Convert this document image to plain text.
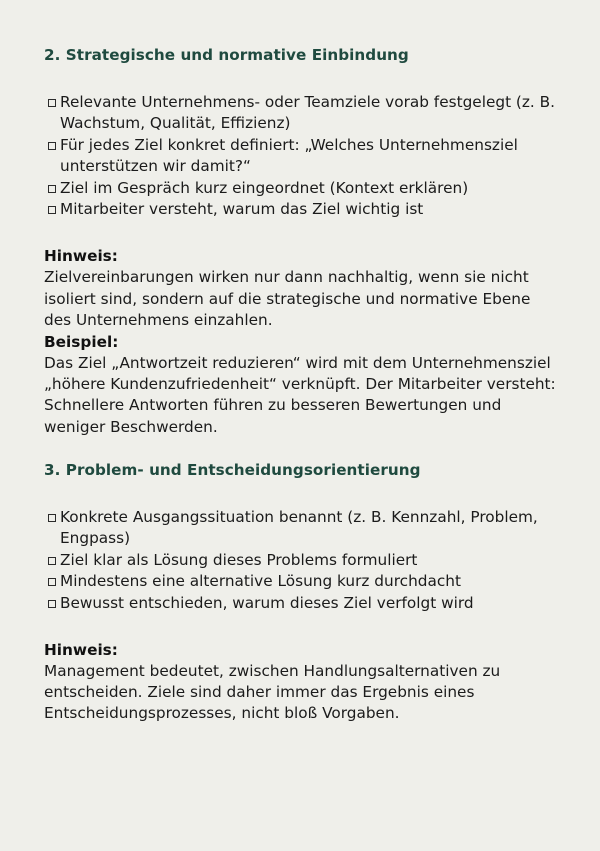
2. Strategische und normative Einbindung
Relevante Unternehmens- oder Teamziele vorab festgelegt (z. B. Wachstum, Qualität, Effizienz)
Für jedes Ziel konkret definiert: „Welches Unternehmensziel unterstützen wir damit?“
Ziel im Gespräch kurz eingeordnet (Kontext erklären)
Mitarbeiter versteht, warum das Ziel wichtig ist

Hinweis:

Zielvereinbarungen wirken nur dann nachhaltig, wenn sie nicht isoliert sind, sondern auf die strategische und normative Ebene des Unternehmens einzahlen.

Beispiel:

Das Ziel „Antwortzeit reduzieren“ wird mit dem Unternehmensziel „höhere Kundenzufriedenheit“ verknüpft. Der Mitarbeiter versteht: Schnellere Antworten führen zu besseren Bewertungen und weniger Beschwerden.

3. Problem- und Entscheidungsorientierung
Konkrete Ausgangssituation benannt (z. B. Kennzahl, Problem, Engpass)
Ziel klar als Lösung dieses Problems formuliert
Mindestens eine alternative Lösung kurz durchdacht
Bewusst entschieden, warum dieses Ziel verfolgt wird

Hinweis:

Management bedeutet, zwischen Handlungsalternativen zu entscheiden. Ziele sind daher immer das Ergebnis eines Entscheidungsprozesses, nicht bloß Vorgaben.
